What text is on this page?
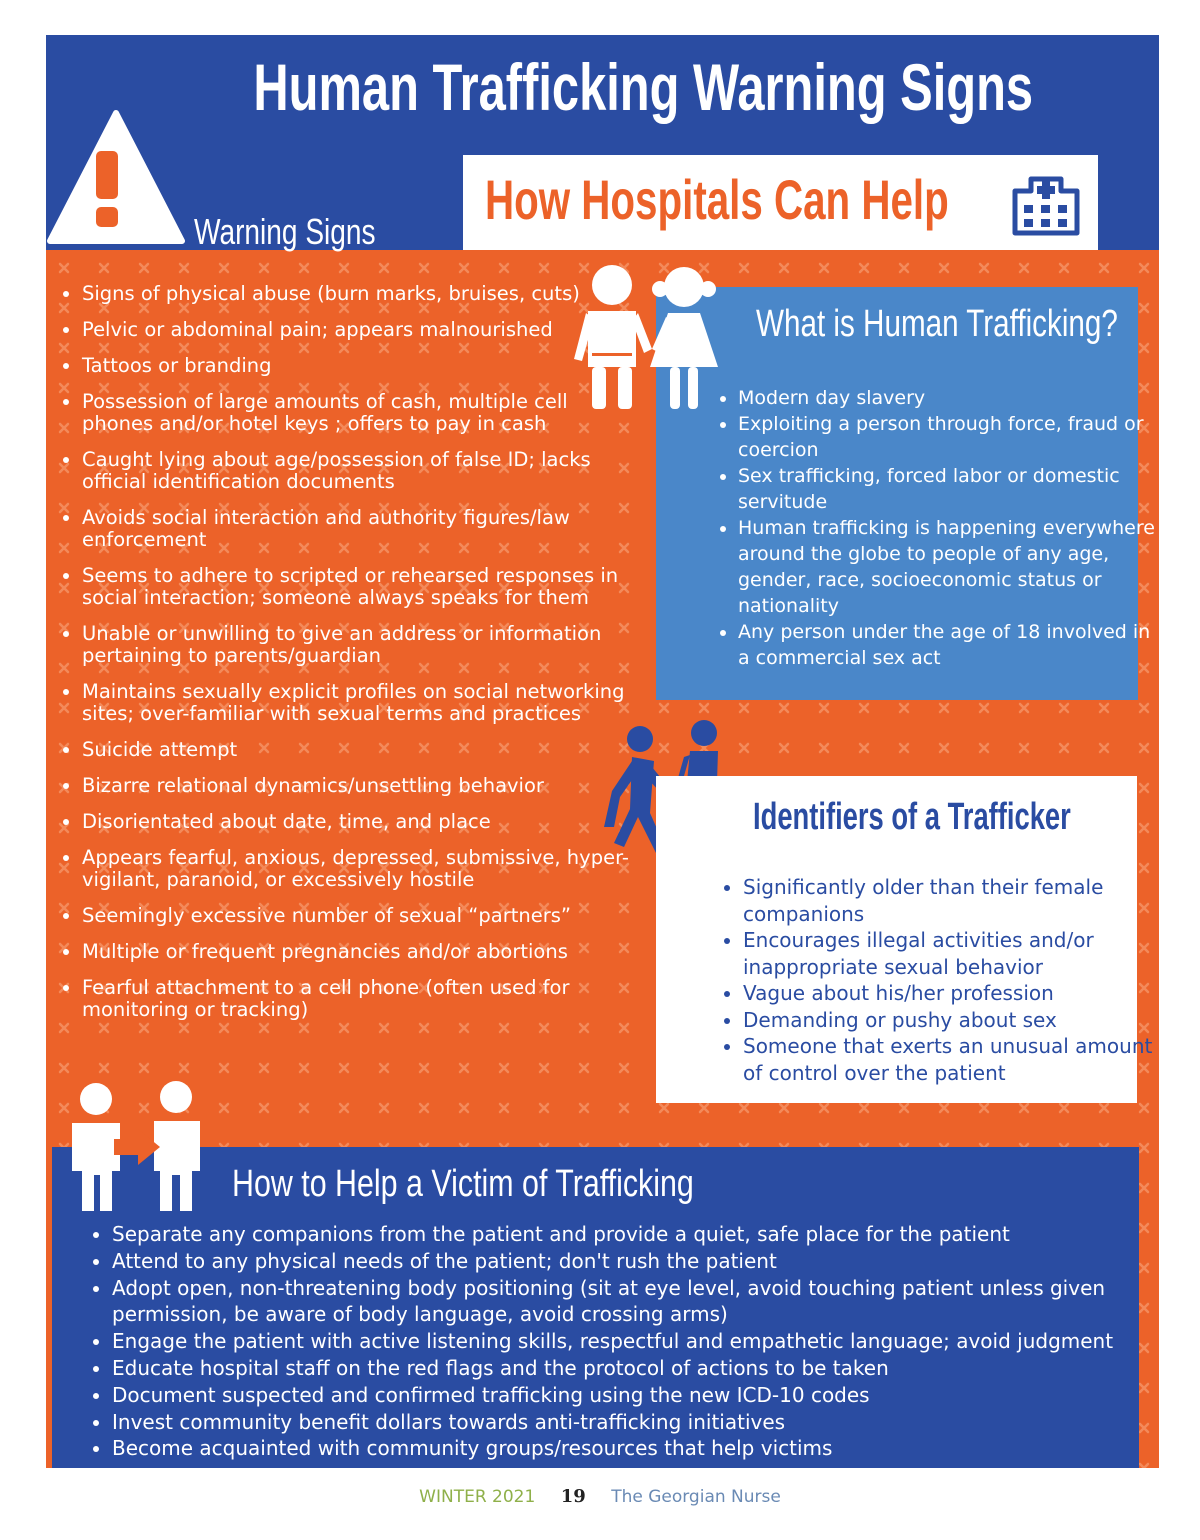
Human Trafficking Warning Signs
Warning Signs
How Hospitals Can Help
• Signs of physical abuse (burn marks, bruises, cuts)
• Pelvic or abdominal pain; appears malnourished
• Tattoos or branding
• Possession of large amounts of cash, multiple cell phones and/or hotel keys ; offers to pay in cash
• Caught lying about age/possession of false ID; lacks official identification documents
• Avoids social interaction and authority figures/law enforcement
• Seems to adhere to scripted or rehearsed responses in social interaction; someone always speaks for them
• Unable or unwilling to give an address or information pertaining to parents/guardian
• Maintains sexually explicit profiles on social networking sites; over-familiar with sexual terms and practices
• Suicide attempt
• Bizarre relational dynamics/unsettling behavior
• Disorientated about date, time, and place
• Appears fearful, anxious, depressed, submissive, hyper-vigilant, paranoid, or excessively hostile
• Seemingly excessive number of sexual “partners”
• Multiple or frequent pregnancies and/or abortions
• Fearful attachment to a cell phone (often used for monitoring or tracking)
What is Human Trafficking?
• Modern day slavery
• Exploiting a person through force, fraud or coercion
• Sex trafficking, forced labor or domestic servitude
• Human trafficking is happening everywhere around the globe to people of any age, gender, race, socioeconomic status or nationality
• Any person under the age of 18 involved in a commercial sex act
Identifiers of a Trafficker
• Significantly older than their female companions
• Encourages illegal activities and/or inappropriate sexual behavior
• Vague about his/her profession
• Demanding or pushy about sex
• Someone that exerts an unusual amount of control over the patient
How to Help a Victim of Trafficking
• Separate any companions from the patient and provide a quiet, safe place for the patient
• Attend to any physical needs of the patient; don't rush the patient
• Adopt open, non-threatening body positioning (sit at eye level, avoid touching patient unless given permission, be aware of body language, avoid crossing arms)
• Engage the patient with active listening skills, respectful and empathetic language; avoid judgment
• Educate hospital staff on the red flags and the protocol of actions to be taken
• Document suspected and confirmed trafficking using the new ICD-10 codes
• Invest community benefit dollars towards anti-trafficking initiatives
• Become acquainted with community groups/resources that help victims
WINTER 2021 19 The Georgian Nurse
